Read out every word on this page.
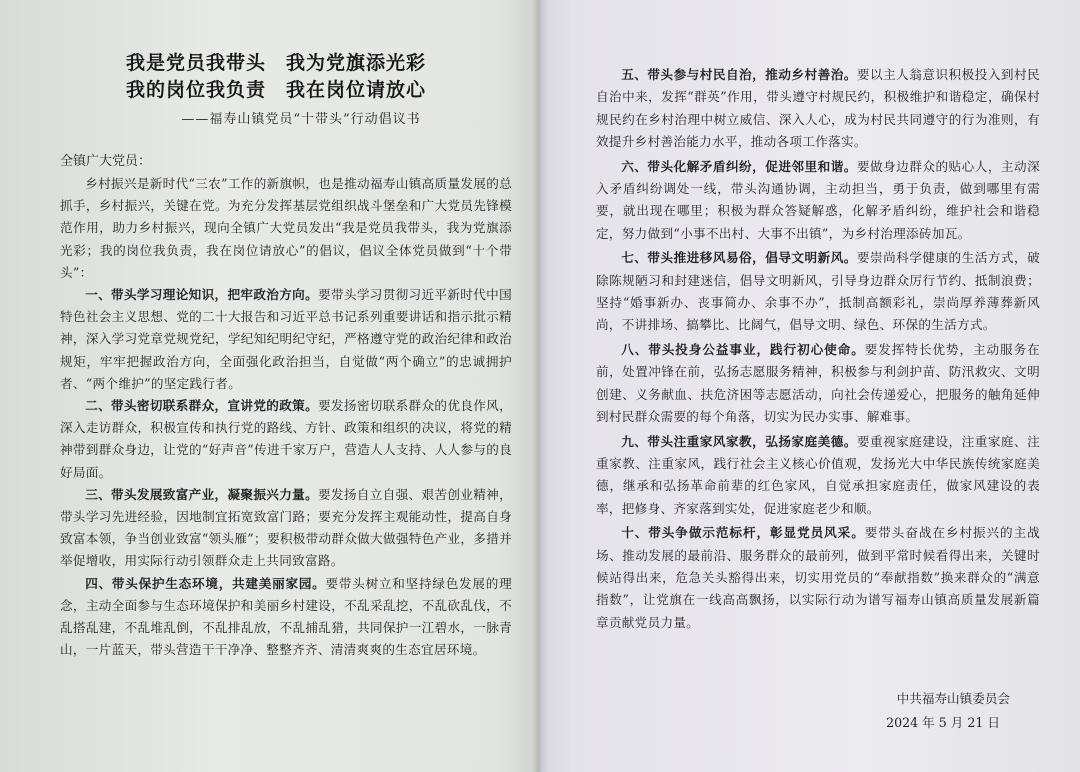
我是党员我带头　我为党旗添光彩
我的岗位我负责　我在岗位请放心
——福寿山镇党员“十带头”行动倡议书
全镇广大党员：

乡村振兴是新时代“三农”工作的新旗帜，也是推动福寿山镇高质量发展的总抓手，乡村振兴，关键在党。为充分发挥基层党组织战斗堡垒和广大党员先锋模范作用，助力乡村振兴，现向全镇广大党员发出“我是党员我带头，我为党旗添光彩；我的岗位我负责，我在岗位请放心”的倡议，倡议全体党员做到“十个带头”：

一、带头学习理论知识，把牢政治方向。要带头学习贯彻习近平新时代中国特色社会主义思想、党的二十大报告和习近平总书记系列重要讲话和指示批示精神，深入学习党章党规党纪，学纪知纪明纪守纪，严格遵守党的政治纪律和政治规矩，牢牢把握政治方向，全面强化政治担当，自觉做“两个确立”的忠诚拥护者、“两个维护”的坚定践行者。

二、带头密切联系群众，宣讲党的政策。要发扬密切联系群众的优良作风，深入走访群众，积极宣传和执行党的路线、方针、政策和组织的决议，将党的精神带到群众身边，让党的“好声音”传进千家万户，营造人人支持、人人参与的良好局面。

三、带头发展致富产业，凝聚振兴力量。要发扬自立自强、艰苦创业精神，带头学习先进经验，因地制宜拓宽致富门路；要充分发挥主观能动性，提高自身致富本领，争当创业致富“领头雁”；要积极带动群众做大做强特色产业，多措并举促增收，用实际行动引领群众走上共同致富路。

四、带头保护生态环境，共建美丽家园。要带头树立和坚持绿色发展的理念，主动全面参与生态环境保护和美丽乡村建设，不乱采乱挖，不乱砍乱伐，不乱搭乱建，不乱堆乱倒，不乱排乱放，不乱捕乱猎，共同保护一江碧水，一脉青山，一片蓝天，带头营造干干净净、整整齐齐、清清爽爽的生态宜居环境。

五、带头参与村民自治，推动乡村善治。要以主人翁意识积极投入到村民自治中来，发挥“群英”作用，带头遵守村规民约，积极维护和谐稳定，确保村规民约在乡村治理中树立威信、深入人心，成为村民共同遵守的行为准则，有效提升乡村善治能力水平，推动各项工作落实。

六、带头化解矛盾纠纷，促进邻里和谐。要做身边群众的贴心人，主动深入矛盾纠纷调处一线，带头沟通协调，主动担当，勇于负责，做到哪里有需要，就出现在哪里；积极为群众答疑解惑，化解矛盾纠纷，维护社会和谐稳定，努力做到“小事不出村、大事不出镇”，为乡村治理添砖加瓦。

七、带头推进移风易俗，倡导文明新风。要崇尚科学健康的生活方式，破除陈规陋习和封建迷信，倡导文明新风，引导身边群众厉行节约、抵制浪费；坚持“婚事新办、丧事简办、余事不办”，抵制高额彩礼，崇尚厚养薄葬新风尚，不讲排场、搞攀比、比阔气，倡导文明、绿色、环保的生活方式。

八、带头投身公益事业，践行初心使命。要发挥特长优势，主动服务在前，处置冲锋在前，弘扬志愿服务精神，积极参与利剑护苗、防汛救灾、文明创建、义务献血、扶危济困等志愿活动，向社会传递爱心，把服务的触角延伸到村民群众需要的每个角落，切实为民办实事、解难事。

九、带头注重家风家教，弘扬家庭美德。要重视家庭建设，注重家庭、注重家教、注重家风，践行社会主义核心价值观，发扬光大中华民族传统家庭美德，继承和弘扬革命前辈的红色家风，自觉承担家庭责任，做家风建设的表率，把修身、齐家落到实处，促进家庭老少和顺。

十、带头争做示范标杆，彰显党员风采。要带头奋战在乡村振兴的主战场、推动发展的最前沿、服务群众的最前列，做到平常时候看得出来，关键时候站得出来，危急关头豁得出来，切实用党员的“奉献指数”换来群众的“满意指数”，让党旗在一线高高飘扬，以实际行动为谱写福寿山镇高质量发展新篇章贡献党员力量。

中共福寿山镇委员会
2024 年 5 月 21 日
